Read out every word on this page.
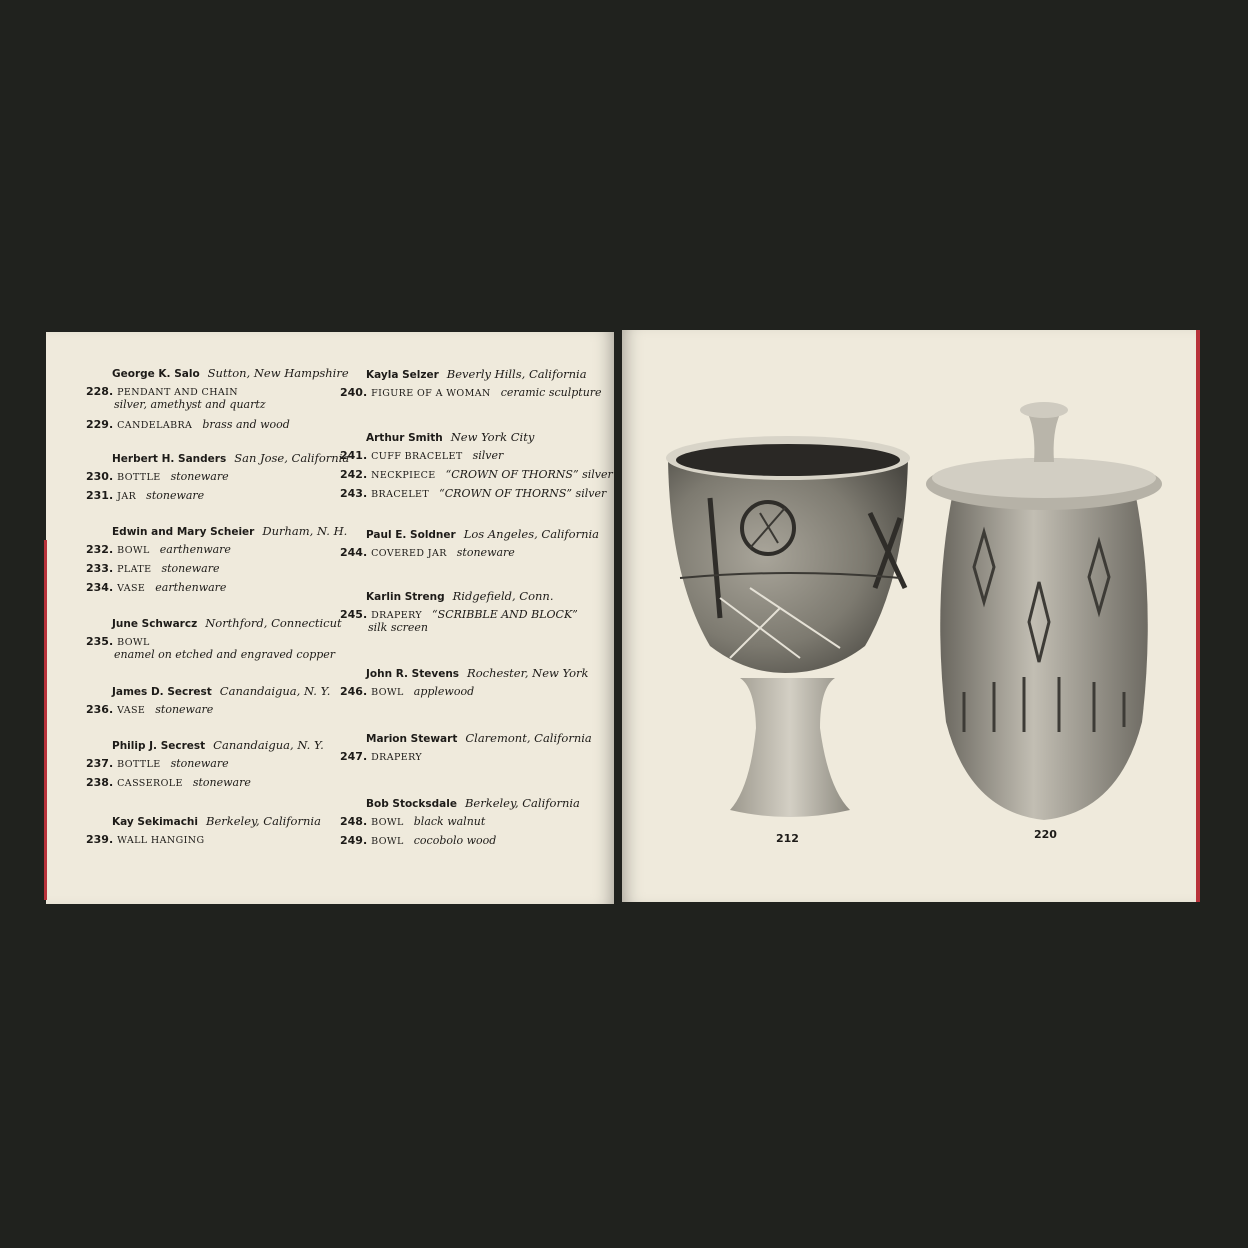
212	220
George K. Salo Sutton, New Hampshire
228. PENDANT AND CHAIN
silver, amethyst and quartz
229. CANDELABRA brass and wood
Herbert H. Sanders San Jose, California
230. BOTTLE stoneware
231. JAR stoneware
Edwin and Mary Scheier Durham, N. H.
232. BOWL earthenware
233. PLATE stoneware
234. VASE earthenware
June Schwarcz Northford, Connecticut
235. BOWL
enamel on etched and engraved copper
James D. Secrest Canandaigua, N. Y.
236. VASE stoneware
Philip J. Secrest Canandaigua, N. Y.
237. BOTTLE stoneware
238. CASSEROLE stoneware
Kay Sekimachi Berkeley, California
239. WALL HANGING
Kayla Selzer Beverly Hills, California
240. FIGURE OF A WOMAN ceramic sculpture
Arthur Smith New York City
241. CUFF BRACELET silver
242. NECKPIECE “CROWN OF THORNS” silver
243. BRACELET “CROWN OF THORNS” silver
Paul E. Soldner Los Angeles, California
244. COVERED JAR stoneware
Karlin Streng Ridgefield, Conn.
245. DRAPERY “SCRIBBLE AND BLOCK”
silk screen
John R. Stevens Rochester, New York
246. BOWL applewood
Marion Stewart Claremont, California
247. DRAPERY
Bob Stocksdale Berkeley, California
248. BOWL black walnut
249. BOWL cocobolo wood
